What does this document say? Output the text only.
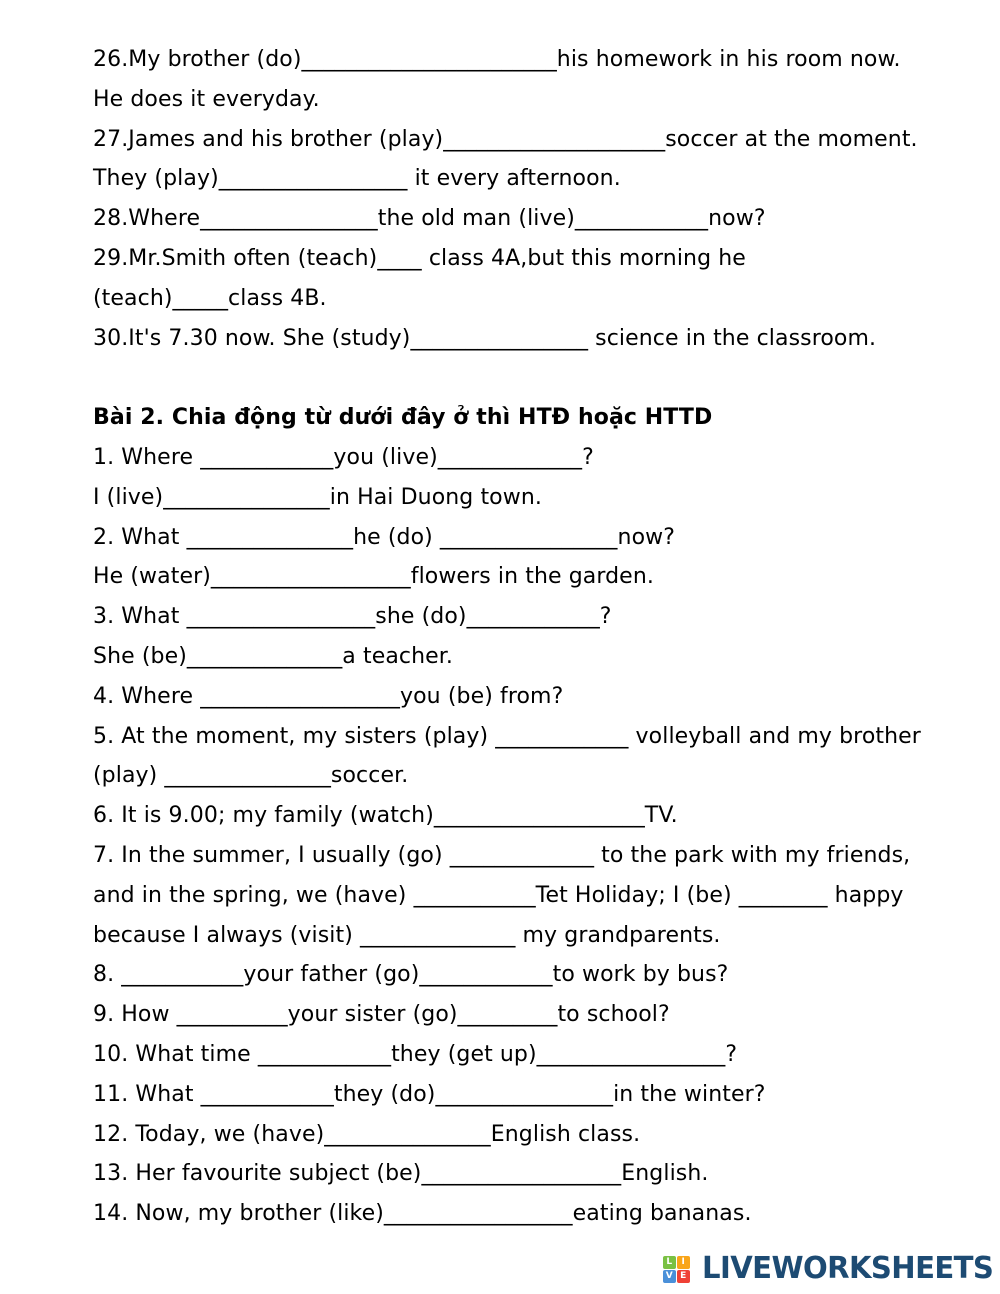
26.My brother (do)_______________________his homework in his room now.
He does it everyday.
27.James and his brother (play)____________________soccer at the moment.
They (play)_________________ it every afternoon.
28.Where________________the old man (live)____________now?
29.Mr.Smith often (teach)____ class 4A,but this morning he
(teach)_____class 4B.
30.It's 7.30 now. She (study)________________ science in the classroom.
Bài 2. Chia động từ dưới đây ở thì HTĐ hoặc HTTD
1. Where ____________you (live)_____________?
I (live)_______________in Hai Duong town.
2. What _______________he (do) ________________now?
He (water)__________________flowers in the garden.
3. What _________________she (do)____________?
She (be)______________a teacher.
4. Where __________________you (be) from?
5. At the moment, my sisters (play) ____________ volleyball and my brother
(play) _______________soccer.
6. It is 9.00; my family (watch)___________________TV.
7. In the summer, I usually (go) _____________ to the park with my friends,
and in the spring, we (have) ___________Tet Holiday; I (be) ________ happy
because I always (visit) ______________ my grandparents.
8. ___________your father (go)____________to work by bus?
9. How __________your sister (go)_________to school?
10. What time ____________they (get up)_________________?
11. What ____________they (do)________________in the winter?
12. Today, we (have)_______________English class.
13. Her favourite subject (be)__________________English.
14. Now, my brother (like)_________________eating bananas.
L	I
V E LIVEWORKSHEETS
